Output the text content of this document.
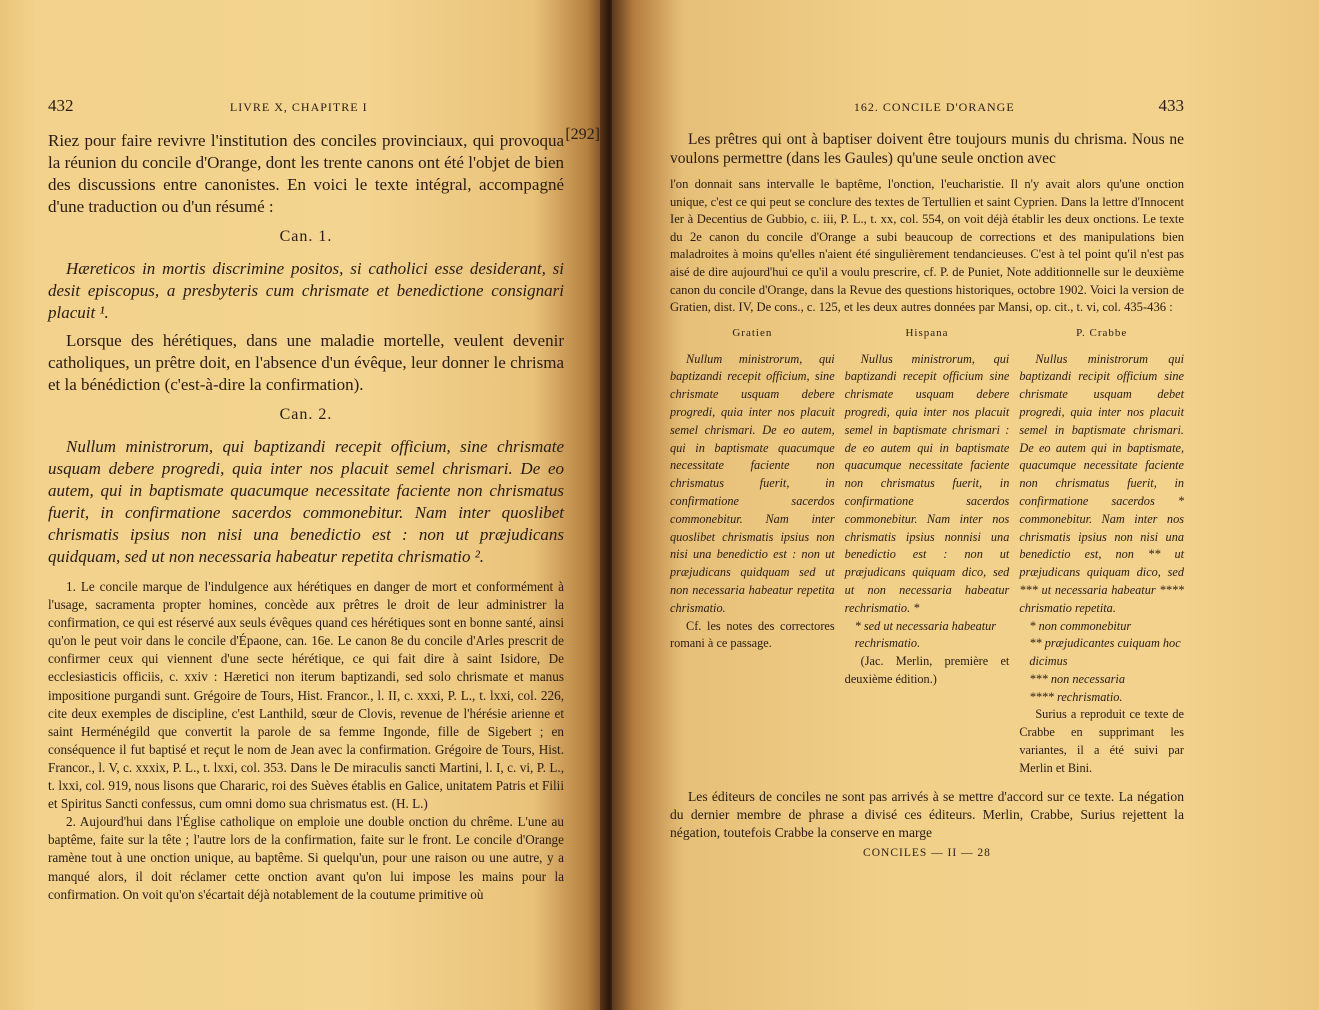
432	LIVRE X, CHAPITRE I
[292]

Riez pour faire revivre l'institution des conciles provinciaux, qui provoqua la réunion du concile d'Orange, dont les trente canons ont été l'objet de bien des discussions entre canonistes. En voici le texte intégral, accompagné d'une traduction ou d'un résumé :

Can. 1.

Hæreticos in mortis discrimine positos, si catholici esse desiderant, si desit episcopus, a presbyteris cum chrismate et benedictione consignari placuit ¹.

Lorsque des hérétiques, dans une maladie mortelle, veulent devenir catholiques, un prêtre doit, en l'absence d'un évêque, leur donner le chrisma et la bénédiction (c'est-à-dire la confirmation).

Can. 2.

Nullum ministrorum, qui baptizandi recepit officium, sine chrismate usquam debere progredi, quia inter nos placuit semel chrismari. De eo autem, qui in baptismate quacumque necessitate faciente non chrismatus fuerit, in confirmatione sacerdos commonebitur. Nam inter quoslibet chrismatis ipsius non nisi una benedictio est : non ut præjudicans quidquam, sed ut non necessaria habeatur repetita chrismatio ².

1. Le concile marque de l'indulgence aux hérétiques en danger de mort et conformément à l'usage, sacramenta propter homines, concède aux prêtres le droit de leur administrer la confirmation, ce qui est réservé aux seuls évêques quand ces hérétiques sont en bonne santé, ainsi qu'on le peut voir dans le concile d'Épaone, can. 16e. Le canon 8e du concile d'Arles prescrit de confirmer ceux qui viennent d'une secte hérétique, ce qui fait dire à saint Isidore, De ecclesiasticis officiis, c. xxiv : Hæretici non iterum baptizandi, sed solo chrismate et manus impositione purgandi sunt. Grégoire de Tours, Hist. Francor., l. II, c. xxxi, P. L., t. lxxi, col. 226, cite deux exemples de discipline, c'est Lanthild, sœur de Clovis, revenue de l'hérésie arienne et saint Herménégild que convertit la parole de sa femme Ingonde, fille de Sigebert ; en conséquence il fut baptisé et reçut le nom de Jean avec la confirmation. Grégoire de Tours, Hist. Francor., l. V, c. xxxix, P. L., t. lxxi, col. 353. Dans le De miraculis sancti Martini, l. I, c. vi, P. L., t. lxxi, col. 919, nous lisons que Chararic, roi des Suèves établis en Galice, unitatem Patris et Filii et Spiritus Sancti confessus, cum omni domo sua chrismatus est. (H. L.)

2. Aujourd'hui dans l'Église catholique on emploie une double onction du chrême. L'une au baptême, faite sur la tête ; l'autre lors de la confirmation, faite sur le front. Le concile d'Orange ramène tout à une onction unique, au baptême. Si quelqu'un, pour une raison ou une autre, y a manqué alors, il doit réclamer cette onction avant qu'on lui impose les mains pour la confirmation. On voit qu'on s'écartait déjà notablement de la coutume primitive où

162. CONCILE D'ORANGE	433

Les prêtres qui ont à baptiser doivent être toujours munis du chrisma. Nous ne voulons permettre (dans les Gaules) qu'une seule onction avec

l'on donnait sans intervalle le baptême, l'onction, l'eucharistie. Il n'y avait alors qu'une onction unique, c'est ce qui peut se conclure des textes de Tertullien et saint Cyprien. Dans la lettre d'Innocent Ier à Decentius de Gubbio, c. iii, P. L., t. xx, col. 554, on voit déjà établir les deux onctions. Le texte du 2e canon du concile d'Orange a subi beaucoup de corrections et des manipulations bien maladroites à moins qu'elles n'aient été singulièrement tendancieuses. C'est à tel point qu'il n'est pas aisé de dire aujourd'hui ce qu'il a voulu prescrire, cf. P. de Puniet, Note additionnelle sur le deuxième canon du concile d'Orange, dans la Revue des questions historiques, octobre 1902. Voici la version de Gratien, dist. IV, De cons., c. 125, et les deux autres données par Mansi, op. cit., t. vi, col. 435-436 :

Gratien

Nullum ministrorum, qui baptizandi recepit officium, sine chrismate usquam debere progredi, quia inter nos placuit semel chrismari. De eo autem, qui in baptismate quacumque necessitate faciente non chrismatus fuerit, in confirmatione sacerdos commonebitur. Nam inter quoslibet chrismatis ipsius non nisi una benedictio est : non ut præjudicans quidquam sed ut non necessaria habeatur repetita chrismatio.

Cf. les notes des correctores romani à ce passage.

Hispana

Nullus ministrorum, qui baptizandi recepit officium sine chrismate usquam debere progredi, quia inter nos placuit semel in baptismate chrismari : de eo autem qui in baptismate quacumque necessitate faciente non chrismatus fuerit, in confirmatione sacerdos commonebitur. Nam inter nos chrismatis ipsius nonnisi una benedictio est : non ut præjudicans quiquam dico, sed ut non necessaria habeatur rechrismatio. *

* sed ut necessaria habeatur rechrismatio.

(Jac. Merlin, première et deuxième édition.)

P. Crabbe

Nullus ministrorum qui baptizandi recipit officium sine chrismate usquam debet progredi, quia inter nos placuit semel in baptismate chrismari. De eo autem qui in baptismate, quacumque necessitate faciente non chrismatus fuerit, in confirmatione sacerdos * commonebitur. Nam inter nos chrismatis ipsius non nisi una benedictio est, non ** ut præjudicans quiquam dico, sed *** ut necessaria habeatur **** chrismatio repetita.

* non commonebitur

** præjudicantes cuiquam hoc dicimus

*** non necessaria

**** rechrismatio.

Surius a reproduit ce texte de Crabbe en supprimant les variantes, il a été suivi par Merlin et Bini.

Les éditeurs de conciles ne sont pas arrivés à se mettre d'accord sur ce texte. La négation du dernier membre de phrase a divisé ces éditeurs. Merlin, Crabbe, Surius rejettent la négation, toutefois Crabbe la conserve en marge

CONCILES — II — 28
